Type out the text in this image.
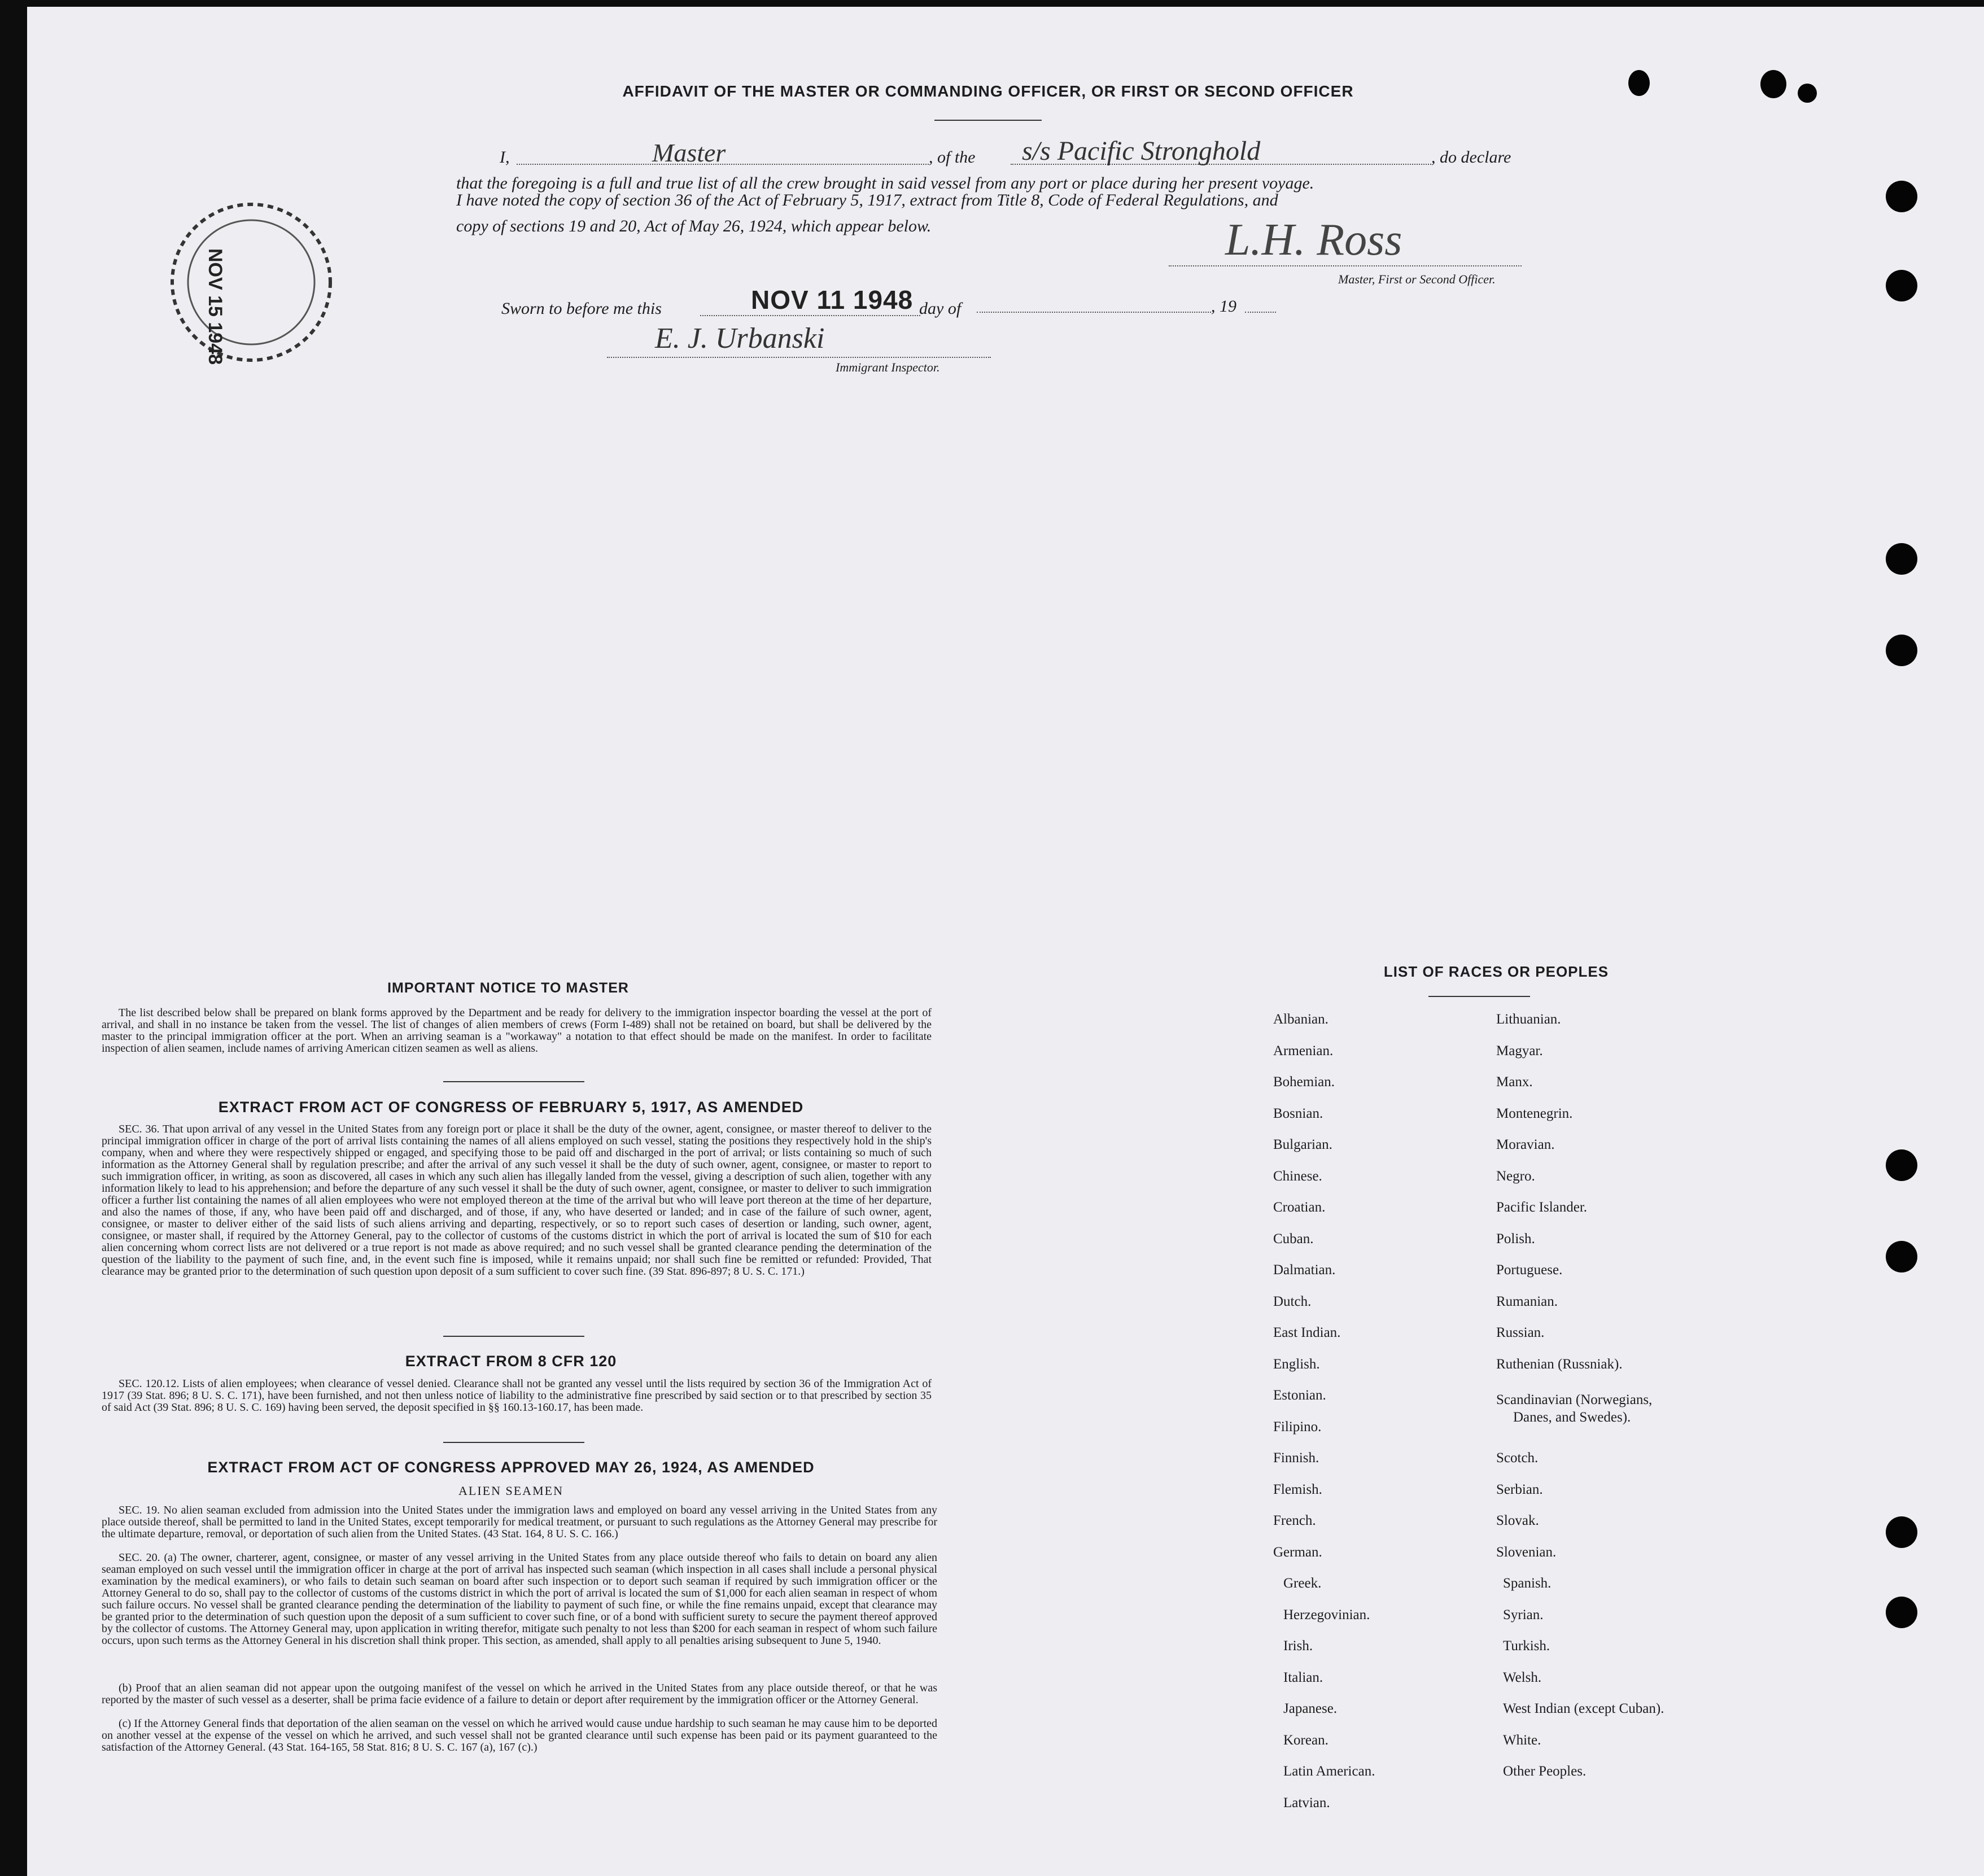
AFFIDAVIT OF THE MASTER OR COMMANDING OFFICER, OR FIRST OR SECOND OFFICER
I,	Master	, of the s/s Pacific Stronghold	, do declare
that the foregoing is a full and true list of all the crew brought in said vessel from any port or place during her present voyage.
I have noted the copy of section 36 of the Act of February 5, 1917, extract from Title 8, Code of Federal Regulations, and
copy of sections 19 and 20, Act of May 26, 1924, which appear below.	L.H. Ross
Master, First or Second Officer.
Sworn to before me this	NOV 11 1948 day of	, 19
E. J. Urbanski
Immigrant Inspector.
NOV 15 1948
IMPORTANT NOTICE TO MASTER
The list described below shall be prepared on blank forms approved by the Department and be ready for delivery to the immigration inspector boarding the vessel at the port of arrival, and shall in no instance be taken from the vessel. The list of changes of alien members of crews (Form I-489) shall not be retained on board, but shall be delivered by the master to the principal immigration officer at the port. When an arriving seaman is a "workaway" a notation to that effect should be made on the manifest. In order to facilitate inspection of alien seamen, include names of arriving American citizen seamen as well as aliens.
EXTRACT FROM ACT OF CONGRESS OF FEBRUARY 5, 1917, AS AMENDED
SEC. 36. That upon arrival of any vessel in the United States from any foreign port or place it shall be the duty of the owner, agent, consignee, or master thereof to deliver to the principal immigration officer in charge of the port of arrival lists containing the names of all aliens employed on such vessel, stating the positions they respectively hold in the ship's company, when and where they were respectively shipped or engaged, and specifying those to be paid off and discharged in the port of arrival; or lists containing so much of such information as the Attorney General shall by regulation prescribe; and after the arrival of any such vessel it shall be the duty of such owner, agent, consignee, or master to report to such immigration officer, in writing, as soon as discovered, all cases in which any such alien has illegally landed from the vessel, giving a description of such alien, together with any information likely to lead to his apprehension; and before the departure of any such vessel it shall be the duty of such owner, agent, consignee, or master to deliver to such immigration officer a further list containing the names of all alien employees who were not employed thereon at the time of the arrival but who will leave port thereon at the time of her departure, and also the names of those, if any, who have been paid off and discharged, and of those, if any, who have deserted or landed; and in case of the failure of such owner, agent, consignee, or master to deliver either of the said lists of such aliens arriving and departing, respectively, or so to report such cases of desertion or landing, such owner, agent, consignee, or master shall, if required by the Attorney General, pay to the collector of customs of the customs district in which the port of arrival is located the sum of $10 for each alien concerning whom correct lists are not delivered or a true report is not made as above required; and no such vessel shall be granted clearance pending the determination of the question of the liability to the payment of such fine, and, in the event such fine is imposed, while it remains unpaid; nor shall such fine be remitted or refunded: Provided, That clearance may be granted prior to the determination of such question upon deposit of a sum sufficient to cover such fine. (39 Stat. 896-897; 8 U. S. C. 171.)
EXTRACT FROM 8 CFR 120
SEC. 120.12. Lists of alien employees; when clearance of vessel denied. Clearance shall not be granted any vessel until the lists required by section 36 of the Immigration Act of 1917 (39 Stat. 896; 8 U. S. C. 171), have been furnished, and not then unless notice of liability to the administrative fine prescribed by said section or to that prescribed by section 35 of said Act (39 Stat. 896; 8 U. S. C. 169) having been served, the deposit specified in §§ 160.13-160.17, has been made.
EXTRACT FROM ACT OF CONGRESS APPROVED MAY 26, 1924, AS AMENDED
ALIEN SEAMEN
SEC. 19. No alien seaman excluded from admission into the United States under the immigration laws and employed on board any vessel arriving in the United States from any place outside thereof, shall be permitted to land in the United States, except temporarily for medical treatment, or pursuant to such regulations as the Attorney General may prescribe for the ultimate departure, removal, or deportation of such alien from the United States. (43 Stat. 164, 8 U. S. C. 166.)
SEC. 20. (a) The owner, charterer, agent, consignee, or master of any vessel arriving in the United States from any place outside thereof who fails to detain on board any alien seaman employed on such vessel until the immigration officer in charge at the port of arrival has inspected such seaman (which inspection in all cases shall include a personal physical examination by the medical examiners), or who fails to detain such seaman on board after such inspection or to deport such seaman if required by such immigration officer or the Attorney General to do so, shall pay to the collector of customs of the customs district in which the port of arrival is located the sum of $1,000 for each alien seaman in respect of whom such failure occurs. No vessel shall be granted clearance pending the determination of the liability to payment of such fine, or while the fine remains unpaid, except that clearance may be granted prior to the determination of such question upon the deposit of a sum sufficient to cover such fine, or of a bond with sufficient surety to secure the payment thereof approved by the collector of customs. The Attorney General may, upon application in writing therefor, mitigate such penalty to not less than $200 for each seaman in respect of whom such failure occurs, upon such terms as the Attorney General in his discretion shall think proper. This section, as amended, shall apply to all penalties arising subsequent to June 5, 1940.
(b) Proof that an alien seaman did not appear upon the outgoing manifest of the vessel on which he arrived in the United States from any place outside thereof, or that he was reported by the master of such vessel as a deserter, shall be prima facie evidence of a failure to detain or deport after requirement by the immigration officer or the Attorney General.
(c) If the Attorney General finds that deportation of the alien seaman on the vessel on which he arrived would cause undue hardship to such seaman he may cause him to be deported on another vessel at the expense of the vessel on which he arrived, and such vessel shall not be granted clearance until such expense has been paid or its payment guaranteed to the satisfaction of the Attorney General. (43 Stat. 164-165, 58 Stat. 816; 8 U. S. C. 167 (a), 167 (c).)
LIST OF RACES OR PEOPLES
Albanian.
Armenian.
Bohemian.
Bosnian.
Bulgarian.
Chinese.
Croatian.
Cuban.
Dalmatian.
Dutch.
East Indian.
English.
Estonian.
Filipino.
Finnish.
Flemish.
French.
German.
Greek.
Herzegovinian.
Irish.
Italian.
Japanese.
Korean.
Latin American.
Latvian.
Lithuanian.
Magyar.
Manx.
Montenegrin.
Moravian.
Negro.
Pacific Islander.
Polish.
Portuguese.
Rumanian.
Russian.
Ruthenian (Russniak).
Scandinavian (Norwegians,
Danes, and Swedes).
Scotch.
Serbian.
Slovak.
Slovenian.
Spanish.
Syrian.
Turkish.
Welsh.
West Indian (except Cuban).
White.
Other Peoples.
